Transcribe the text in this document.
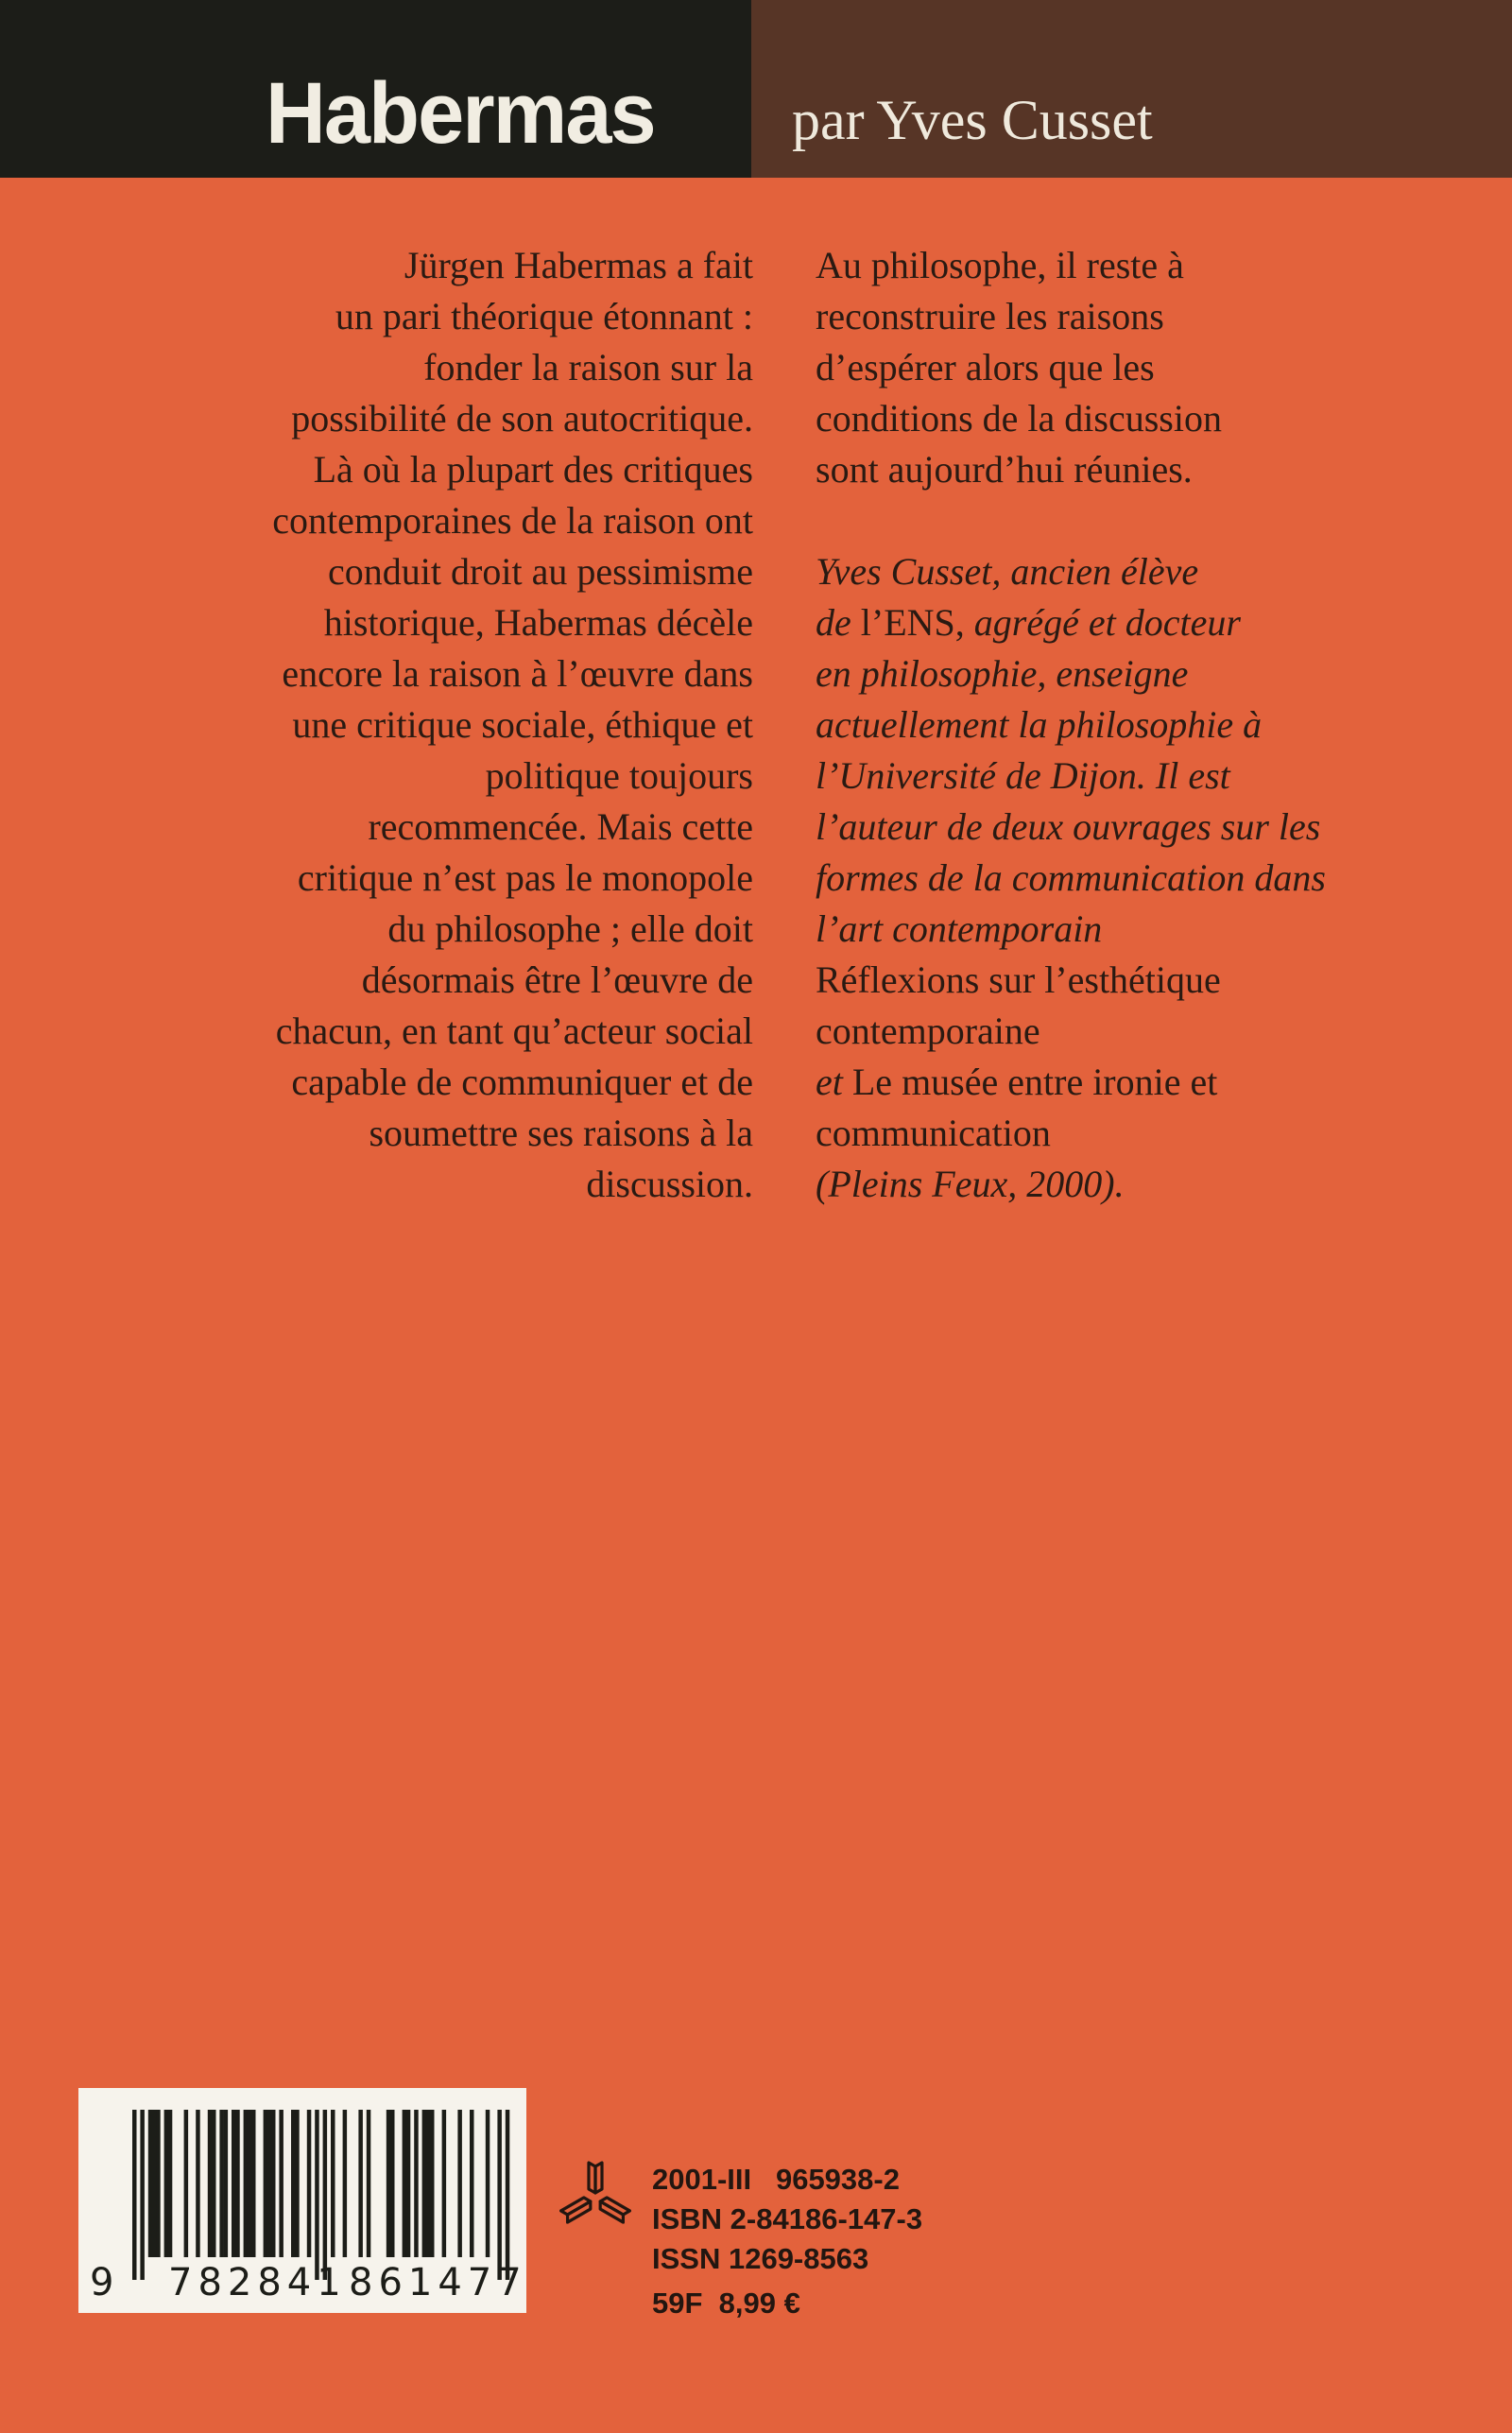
Habermas par Yves Cusset
Jürgen Habermas a fait
un pari théorique étonnant :
fonder la raison sur la
possibilité de son autocritique.
Là où la plupart des critiques
contemporaines de la raison ont
conduit droit au pessimisme
historique, Habermas décèle
encore la raison à l’œuvre dans
une critique sociale, éthique et
politique toujours
recommencée. Mais cette
critique n’est pas le monopole
du philosophe ; elle doit
désormais être l’œuvre de
chacun, en tant qu’acteur social
capable de communiquer et de
soumettre ses raisons à la
discussion.
Au philosophe, il reste à
reconstruire les raisons
d’espérer alors que les
conditions de la discussion
sont aujourd’hui réunies.
Yves Cusset, ancien élève
de l’ENS, agrégé et docteur
en philosophie, enseigne
actuellement la philosophie à
l’Université de Dijon. Il est
l’auteur de deux ouvrages sur les
formes de la communication dans
l’art contemporain
Réflexions sur l’esthétique
contemporaine
et Le musée entre ironie et
communication
(Pleins Feux, 2000).
9 782841 861477
2001-III   965938-2
ISBN 2-84186-147-3
ISSN 1269-8563
59F  8,99 €
